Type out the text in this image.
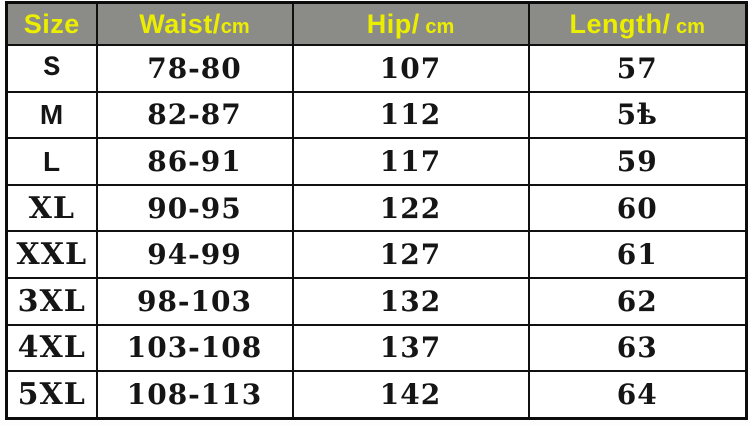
Size	Waist/cm	Hip/ cm	Length/ cm
S	78-80	107	57
M	82-87	112	5ѣ
L	86-91	117	59
XL	90-95	122	60
XXL	94-99	127	61
3XL	98-103	132	62
4XL	103-108	137	63
5XL	108-113	142	64
